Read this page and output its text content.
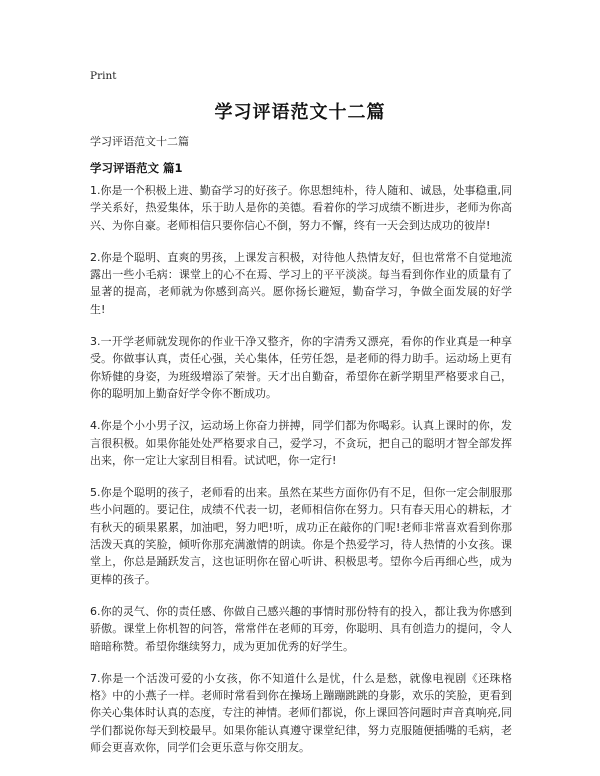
Print
学习评语范文十二篇
学习评语范文十二篇
学习评语范文 篇1

1.你是一个积极上进、勤奋学习的好孩子。你思想纯朴，待人随和、诚恳，处事稳重,同学关系好，热爱集体，乐于助人是你的美德。看着你的学习成绩不断进步，老师为你高兴、为你自豪。老师相信只要你信心不倒，努力不懈，终有一天会到达成功的彼岸!

2.你是个聪明、直爽的男孩，上课发言积极，对待他人热情友好，但也常常不自觉地流露出一些小毛病：课堂上的心不在焉、学习上的平平淡淡。每当看到你作业的质量有了显著的提高，老师就为你感到高兴。愿你扬长避短，勤奋学习，争做全面发展的好学生!

3.一开学老师就发现你的作业干净又整齐，你的字清秀又漂亮，看你的作业真是一种享受。你做事认真，责任心强，关心集体，任劳任怨，是老师的得力助手。运动场上更有你矫健的身姿，为班级增添了荣誉。天才出自勤奋，希望你在新学期里严格要求自己，你的聪明加上勤奋好学令你不断成功。

4.你是个小小男子汉，运动场上你奋力拼搏，同学们都为你喝彩。认真上课时的你，发言很积极。如果你能处处严格要求自己，爱学习，不贪玩，把自己的聪明才智全部发挥出来，你一定让大家刮目相看。试试吧，你一定行!

5.你是个聪明的孩子，老师看的出来。虽然在某些方面你仍有不足，但你一定会制服那些小问题的。要记住，成绩不代表一切，老师相信你在努力。只有春天用心的耕耘，才有秋天的硕果累累，加油吧，努力吧!听，成功正在敲你的门呢!老师非常喜欢看到你那活泼天真的笑脸，倾听你那充满激情的朗读。你是个热爱学习，待人热情的小女孩。课堂上，你总是踊跃发言，这也证明你在留心听讲、积极思考。望你今后再细心些，成为更棒的孩子。

6.你的灵气、你的责任感、你做自己感兴趣的事情时那份特有的投入，都让我为你感到骄傲。课堂上你机智的问答，常常伴在老师的耳旁，你聪明、具有创造力的提问，令人暗暗称赞。希望你继续努力，成为更加优秀的好学生。

7.你是一个活泼可爱的小女孩，你不知道什么是忧，什么是愁，就像电视剧《还珠格格》中的小燕子一样。老师时常看到你在操场上蹦蹦跳跳的身影，欢乐的笑脸，更看到你关心集体时认真的态度，专注的神情。老师们都说，你上课回答问题时声音真响亮,同学们都说你每天到校最早。如果你能认真遵守课堂纪律，努力克服随便插嘴的毛病，老师会更喜欢你，同学们会更乐意与你交朋友。
